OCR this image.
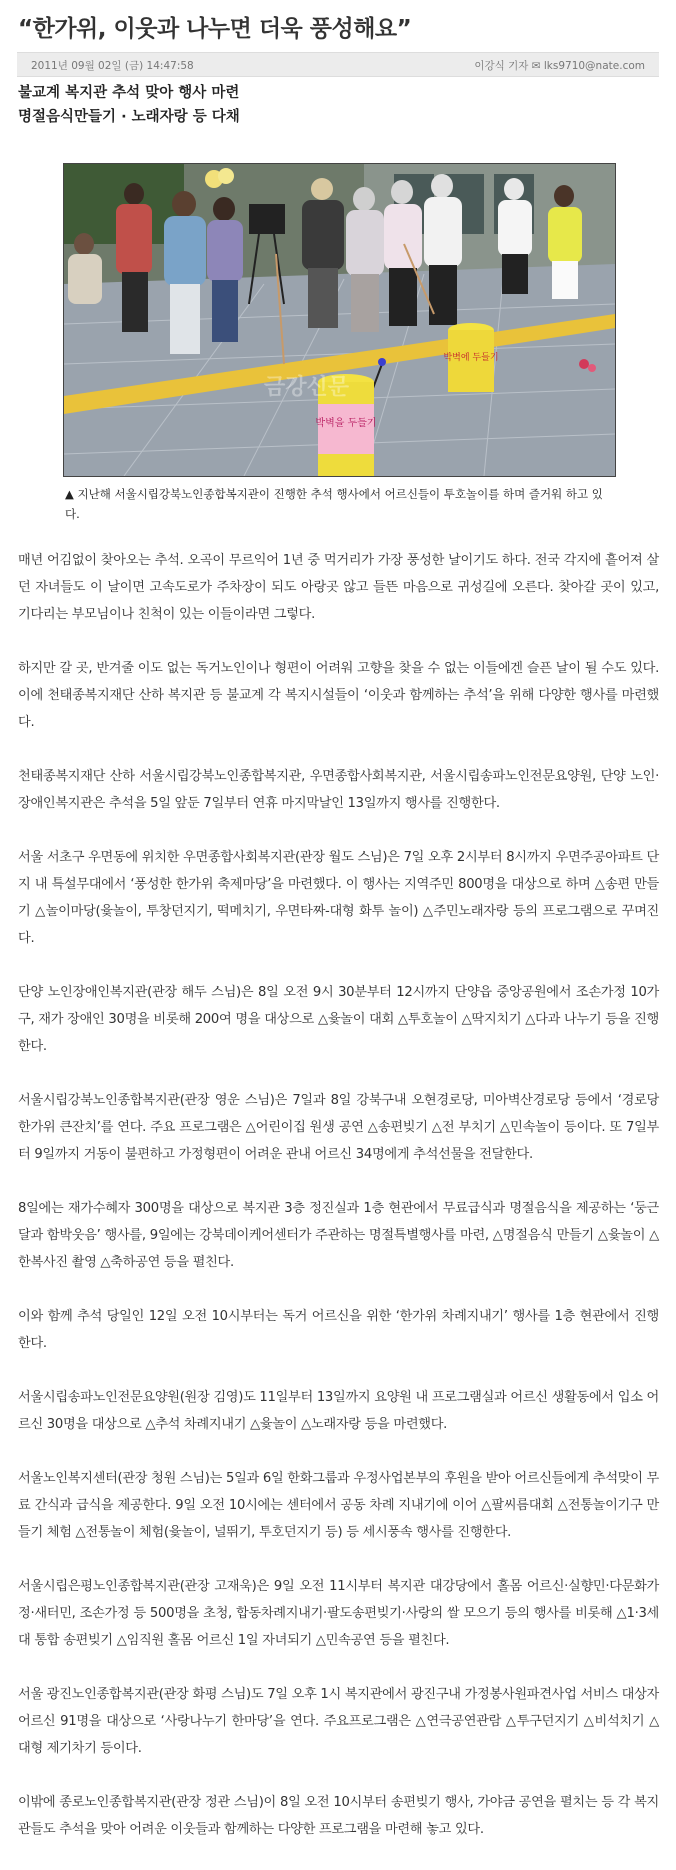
“한가위, 이웃과 나누면 더욱 풍성해요”
2011년 09월 02일 (금) 14:47:58	이강식 기자 ✉ lks9710@nate.com
불교계 복지관 추석 맞아 행사 마련
명절음식만들기 · 노래자랑 등 다채
박벽을 두들기
박벽에 두들기
금강신문
▲ 지난해 서울시립강북노인종합복지관이 진행한 추석 행사에서 어르신들이 투호놀이를 하며 즐거워 하고 있다.

매년 어김없이 찾아오는 추석. 오곡이 무르익어 1년 중 먹거리가 가장 풍성한 날이기도 하다. 전국 각지에 흩어져 살던 자녀들도 이 날이면 고속도로가 주차장이 되도 아랑곳 않고 들뜬 마음으로 귀성길에 오른다. 찾아갈 곳이 있고, 기다리는 부모님이나 친척이 있는 이들이라면 그렇다.

하지만 갈 곳, 반겨줄 이도 없는 독거노인이나 형편이 어려워 고향을 찾을 수 없는 이들에겐 슬픈 날이 될 수도 있다. 이에 천태종복지재단 산하 복지관 등 불교계 각 복지시설들이 ‘이웃과 함께하는 추석’을 위해 다양한 행사를 마련했다.

천태종복지재단 산하 서울시립강북노인종합복지관, 우면종합사회복지관, 서울시립송파노인전문요양원, 단양 노인·장애인복지관은 추석을 5일 앞둔 7일부터 연휴 마지막날인 13일까지 행사를 진행한다.

서울 서초구 우면동에 위치한 우면종합사회복지관(관장 월도 스님)은 7일 오후 2시부터 8시까지 우면주공아파트 단지 내 특설무대에서 ‘풍성한 한가위 축제마당’을 마련했다. 이 행사는 지역주민 800명을 대상으로 하며 △송편 만들기 △놀이마당(윷놀이, 투창던지기, 떡메치기, 우면타짜-대형 화투 놀이) △주민노래자랑 등의 프로그램으로 꾸며진다.

단양 노인장애인복지관(관장 해두 스님)은 8일 오전 9시 30분부터 12시까지 단양읍 중앙공원에서 조손가정 10가구, 재가 장애인 30명을 비롯해 200여 명을 대상으로 △윷놀이 대회 △투호놀이 △딱지치기 △다과 나누기 등을 진행한다.

서울시립강북노인종합복지관(관장 영운 스님)은 7일과 8일 강북구내 오현경로당, 미아벽산경로당 등에서 ‘경로당 한가위 큰잔치’를 연다. 주요 프로그램은 △어린이집 원생 공연 △송편빚기 △전 부치기 △민속놀이 등이다. 또 7일부터 9일까지 거동이 불편하고 가정형편이 어려운 관내 어르신 34명에게 추석선물을 전달한다.

8일에는 재가수혜자 300명을 대상으로 복지관 3층 정진실과 1층 현관에서 무료급식과 명절음식을 제공하는 ‘둥근달과 함박웃음’ 행사를, 9일에는 강북데이케어센터가 주관하는 명절특별행사를 마련, △명절음식 만들기 △윷놀이 △한복사진 촬영 △축하공연 등을 펼친다.

이와 함께 추석 당일인 12일 오전 10시부터는 독거 어르신을 위한 ‘한가위 차례지내기’ 행사를 1층 현관에서 진행한다.

서울시립송파노인전문요양원(원장 김영)도 11일부터 13일까지 요양원 내 프로그램실과 어르신 생활동에서 입소 어르신 30명을 대상으로 △추석 차례지내기 △윷놀이 △노래자랑 등을 마련했다.

서울노인복지센터(관장 청원 스님)는 5일과 6일 한화그룹과 우정사업본부의 후원을 받아 어르신들에게 추석맞이 무료 간식과 급식을 제공한다. 9일 오전 10시에는 센터에서 공동 차례 지내기에 이어 △팔씨름대회 △전통놀이기구 만들기 체험 △전통놀이 체험(윷놀이, 널뛰기, 투호던지기 등) 등 세시풍속 행사를 진행한다.

서울시립은평노인종합복지관(관장 고재욱)은 9일 오전 11시부터 복지관 대강당에서 홀몸 어르신·실향민·다문화가정·새터민, 조손가정 등 500명을 초청, 합동차례지내기·팔도송편빚기·사랑의 쌀 모으기 등의 행사를 비롯해 △1·3세대 통합 송편빚기 △임직원 홀몸 어르신 1일 자녀되기 △민속공연 등을 펼친다.

서울 광진노인종합복지관(관장 화평 스님)도 7일 오후 1시 복지관에서 광진구내 가정봉사원파견사업 서비스 대상자 어르신 91명을 대상으로 ‘사랑나누기 한마당’을 연다. 주요프로그램은 △연극공연관람 △투구던지기 △비석치기 △대형 제기차기 등이다.

이밖에 종로노인종합복지관(관장 정관 스님)이 8일 오전 10시부터 송편빚기 행사, 가야금 공연을 펼치는 등 각 복지관들도 추석을 맞아 어려운 이웃들과 함께하는 다양한 프로그램을 마련해 놓고 있다.
